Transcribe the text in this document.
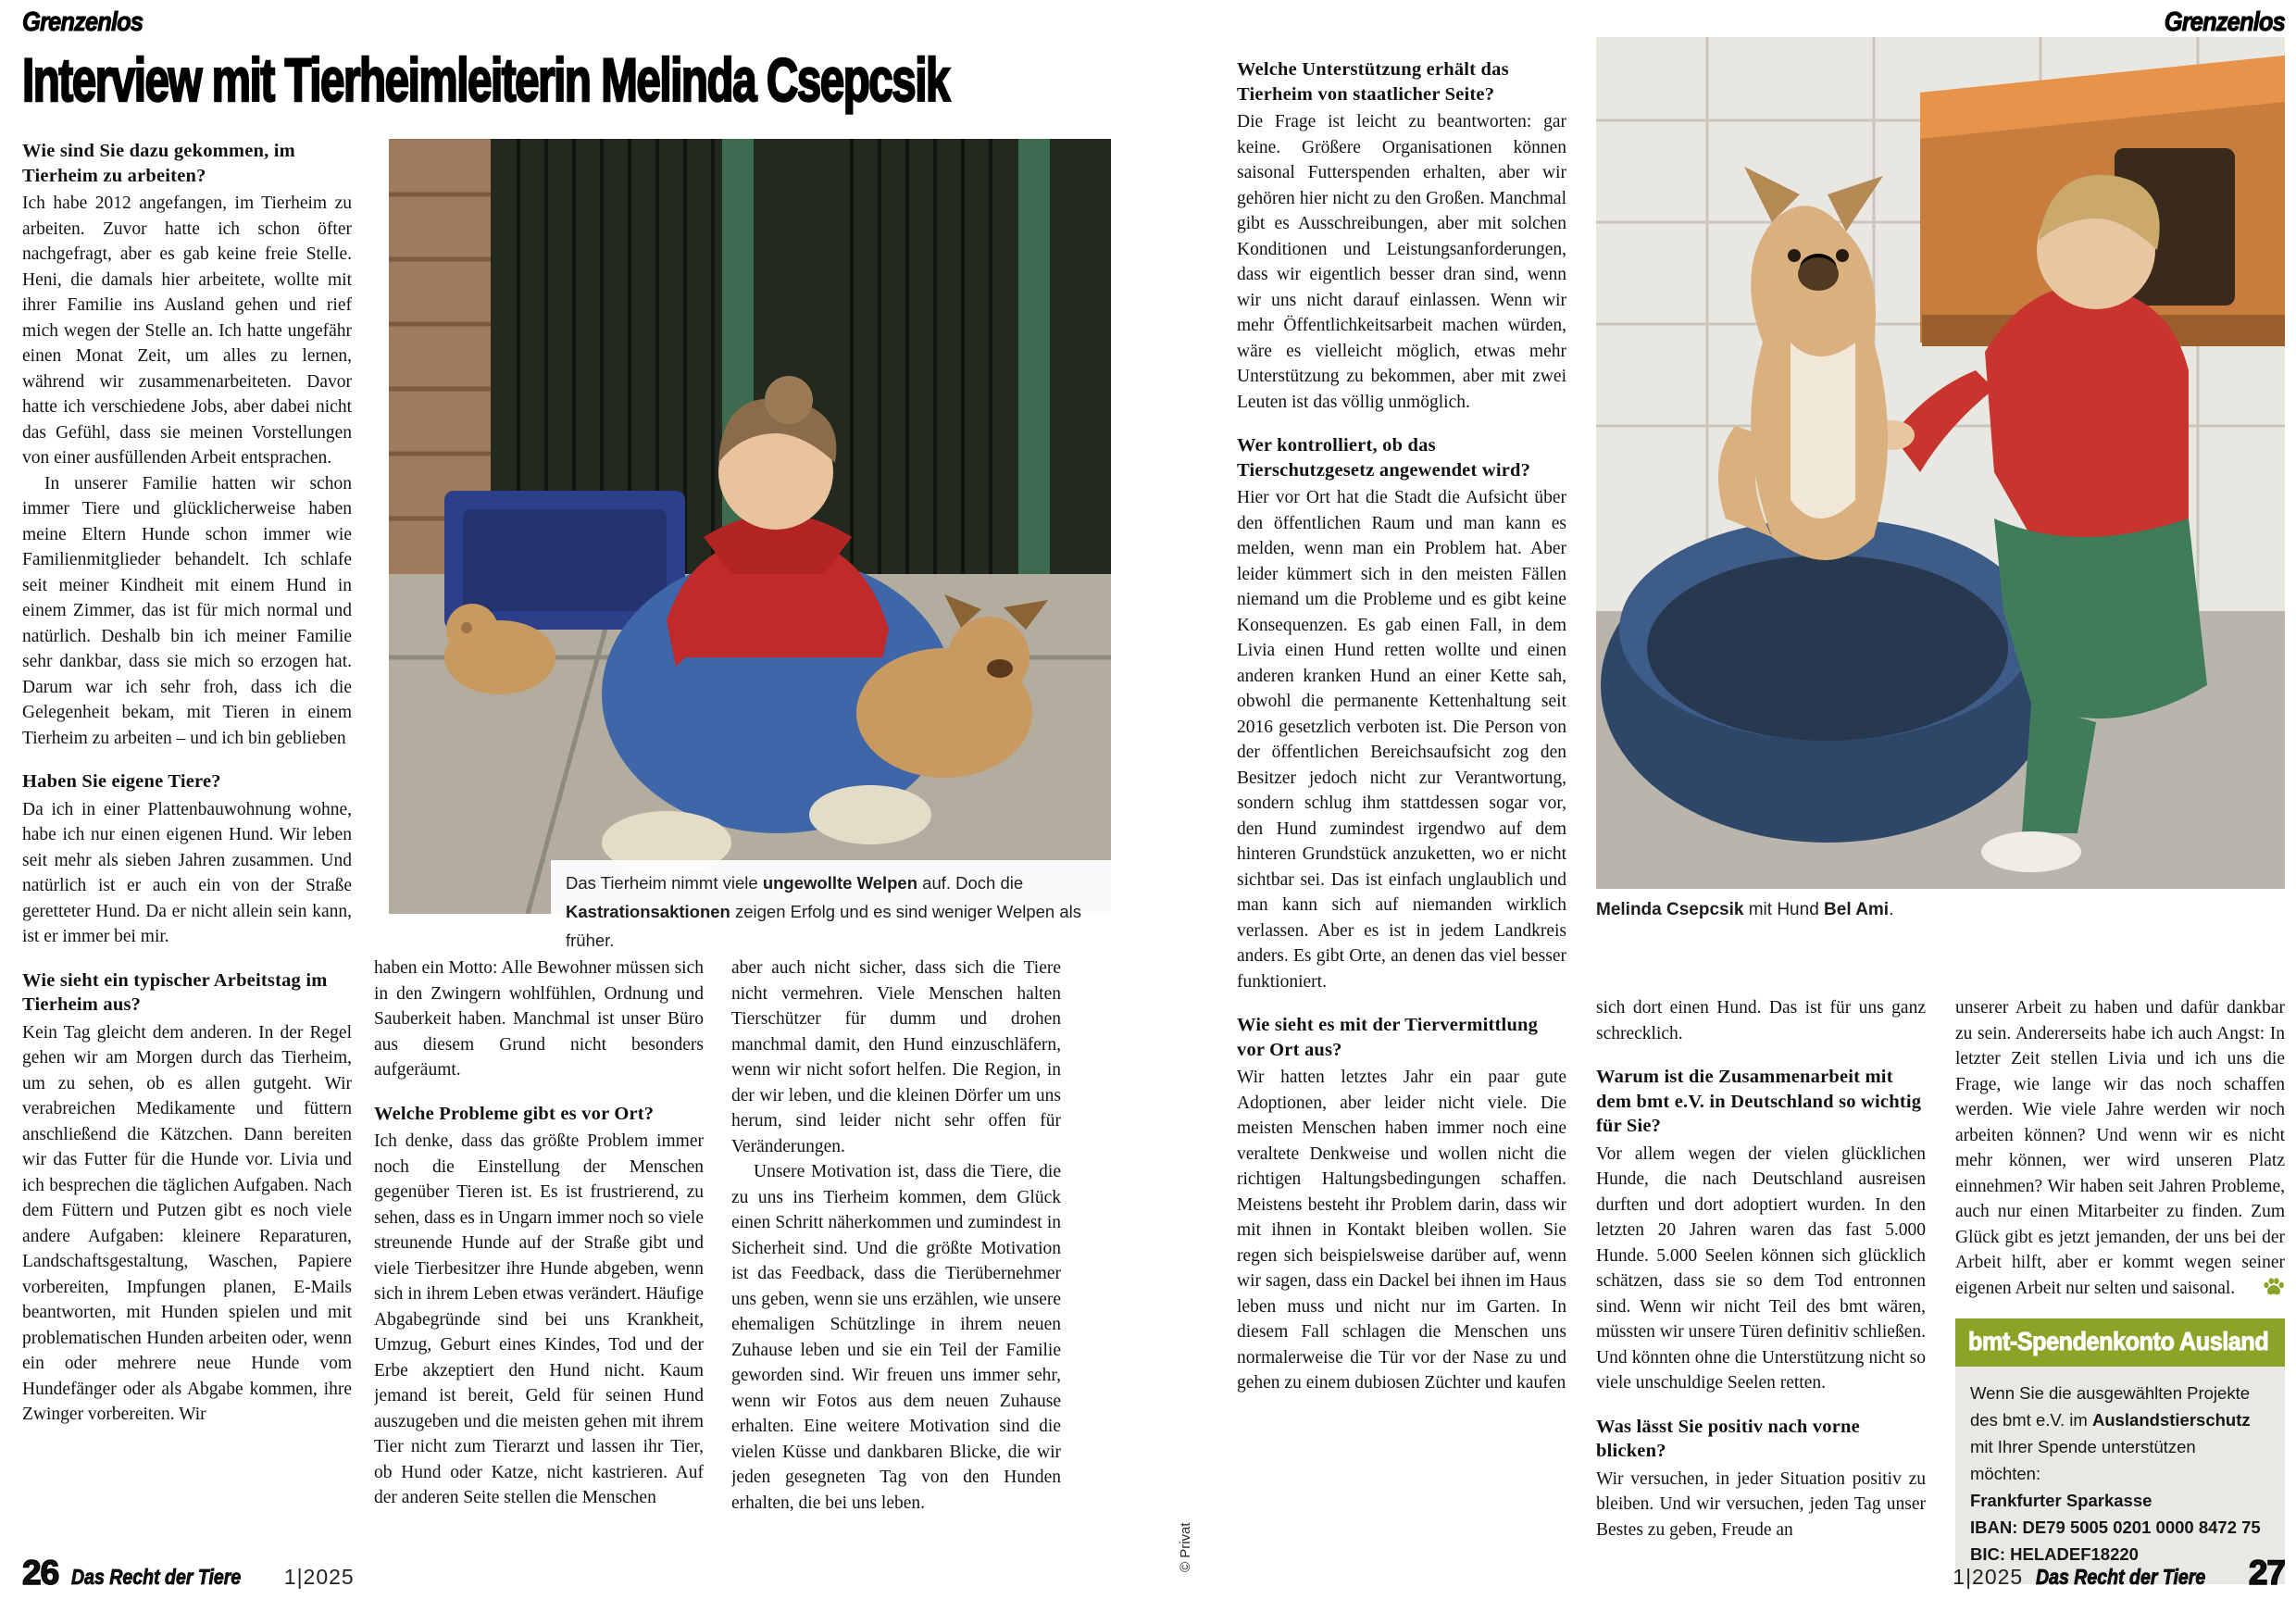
Grenzenlos	Grenzenlos
Interview mit Tierheimleiterin Melinda Csepcsik
Das Tierheim nimmt viele ungewollte Welpen auf. Doch die Kastrationsaktionen zeigen Erfolg und es sind weniger Welpen als früher.
Wie sind Sie dazu gekommen, im Tierheim zu arbeiten?
Ich habe 2012 angefangen, im Tierheim zu arbeiten. Zuvor hatte ich schon öfter nachgefragt, aber es gab keine freie Stelle. Heni, die damals hier arbeitete, wollte mit ihrer Familie ins Ausland gehen und rief mich wegen der Stelle an. Ich hatte ungefähr einen Monat Zeit, um alles zu lernen, während wir zusammenarbeiteten. Davor hatte ich verschiedene Jobs, aber dabei nicht das Gefühl, dass sie meinen Vorstellungen von einer ausfüllenden Arbeit entsprachen.
In unserer Familie hatten wir schon immer Tiere und glücklicherweise haben meine Eltern Hunde schon immer wie Familienmitglieder behandelt. Ich schlafe seit meiner Kindheit mit einem Hund in einem Zimmer, das ist für mich normal und natürlich. Deshalb bin ich meiner Familie sehr dankbar, dass sie mich so erzogen hat. Darum war ich sehr froh, dass ich die Gelegenheit bekam, mit Tieren in einem Tierheim zu arbeiten – und ich bin geblieben
Haben Sie eigene Tiere?
Da ich in einer Plattenbauwohnung wohne, habe ich nur einen eigenen Hund. Wir leben seit mehr als sieben Jahren zusammen. Und natürlich ist er auch ein von der Straße geretteter Hund. Da er nicht allein sein kann, ist er immer bei mir.
Wie sieht ein typischer Arbeitstag im Tierheim aus?
Kein Tag gleicht dem anderen. In der Regel gehen wir am Morgen durch das Tierheim, um zu sehen, ob es allen gutgeht. Wir verabreichen Medikamente und füttern anschließend die Kätzchen. Dann bereiten wir das Futter für die Hunde vor. Livia und ich besprechen die täglichen Aufgaben. Nach dem Füttern und Putzen gibt es noch viele andere Aufgaben: kleinere Reparaturen, Landschaftsgestaltung, Waschen, Papiere vorbereiten, Impfungen planen, E-Mails beantworten, mit Hunden spielen und mit problematischen Hunden arbeiten oder, wenn ein oder mehrere neue Hunde vom Hundefänger oder als Abgabe kommen, ihre Zwinger vorbereiten. Wir
haben ein Motto: Alle Bewohner müssen sich in den Zwingern wohlfühlen, Ordnung und Sauberkeit haben. Manchmal ist unser Büro aus diesem Grund nicht besonders aufgeräumt.
Welche Probleme gibt es vor Ort?
Ich denke, dass das größte Problem immer noch die Einstellung der Menschen gegenüber Tieren ist. Es ist frustrierend, zu sehen, dass es in Ungarn immer noch so viele streunende Hunde auf der Straße gibt und viele Tierbesitzer ihre Hunde abgeben, wenn sich in ihrem Leben etwas verändert. Häufige Abgabegründe sind bei uns Krankheit, Umzug, Geburt eines Kindes, Tod und der Erbe akzeptiert den Hund nicht. Kaum jemand ist bereit, Geld für seinen Hund auszugeben und die meisten gehen mit ihrem Tier nicht zum Tierarzt und lassen ihr Tier, ob Hund oder Katze, nicht kastrieren. Auf der anderen Seite stellen die Menschen
aber auch nicht sicher, dass sich die Tiere nicht vermehren. Viele Menschen halten Tierschützer für dumm und drohen manchmal damit, den Hund einzuschläfern, wenn wir nicht sofort helfen. Die Region, in der wir leben, und die kleinen Dörfer um uns herum, sind leider nicht sehr offen für Veränderungen.
Unsere Motivation ist, dass die Tiere, die zu uns ins Tierheim kommen, dem Glück einen Schritt näherkommen und zumindest in Sicherheit sind. Und die größte Motivation ist das Feedback, dass die Tierübernehmer uns geben, wenn sie uns erzählen, wie unsere ehemaligen Schützlinge in ihrem neuen Zuhause leben und sie ein Teil der Familie geworden sind. Wir freuen uns immer sehr, wenn wir Fotos aus dem neuen Zuhause erhalten. Eine weitere Motivation sind die vielen Küsse und dankbaren Blicke, die wir jeden gesegneten Tag von den Hunden erhalten, die bei uns leben.
Melinda Csepcsik mit Hund Bel Ami.
© Privat
Welche Unterstützung erhält das Tierheim von staatlicher Seite?
Die Frage ist leicht zu beantworten: gar keine. Größere Organisationen können saisonal Futterspenden erhalten, aber wir gehören hier nicht zu den Großen. Manchmal gibt es Ausschreibungen, aber mit solchen Konditionen und Leistungsanforderungen, dass wir eigentlich besser dran sind, wenn wir uns nicht darauf einlassen. Wenn wir mehr Öffentlichkeitsarbeit machen würden, wäre es vielleicht möglich, etwas mehr Unterstützung zu bekommen, aber mit zwei Leuten ist das völlig unmöglich.
Wer kontrolliert, ob das Tierschutzgesetz angewendet wird?
Hier vor Ort hat die Stadt die Aufsicht über den öffentlichen Raum und man kann es melden, wenn man ein Problem hat. Aber leider kümmert sich in den meisten Fällen niemand um die Probleme und es gibt keine Konsequenzen. Es gab einen Fall, in dem Livia einen Hund retten wollte und einen anderen kranken Hund an einer Kette sah, obwohl die permanente Kettenhaltung seit 2016 gesetzlich verboten ist. Die Person von der öffentlichen Bereichsaufsicht zog den Besitzer jedoch nicht zur Verantwortung, sondern schlug ihm stattdessen sogar vor, den Hund zumindest irgendwo auf dem hinteren Grundstück anzuketten, wo er nicht sichtbar sei. Das ist einfach unglaublich und man kann sich auf niemanden wirklich verlassen. Aber es ist in jedem Landkreis anders. Es gibt Orte, an denen das viel besser funktioniert.
Wie sieht es mit der Tiervermittlung vor Ort aus?
Wir hatten letztes Jahr ein paar gute Adoptionen, aber leider nicht viele. Die meisten Menschen haben immer noch eine veraltete Denkweise und wollen nicht die richtigen Haltungsbedingungen schaffen. Meistens besteht ihr Problem darin, dass wir mit ihnen in Kontakt bleiben wollen. Sie regen sich beispielsweise darüber auf, wenn wir sagen, dass ein Dackel bei ihnen im Haus leben muss und nicht nur im Garten. In diesem Fall schlagen die Menschen uns normalerweise die Tür vor der Nase zu und gehen zu einem dubiosen Züchter und kaufen
sich dort einen Hund. Das ist für uns ganz schrecklich.
Warum ist die Zusammenarbeit mit dem bmt e.V. in Deutschland so wichtig für Sie?
Vor allem wegen der vielen glücklichen Hunde, die nach Deutschland ausreisen durften und dort adoptiert wurden. In den letzten 20 Jahren waren das fast 5.000 Hunde. 5.000 Seelen können sich glücklich schätzen, dass sie so dem Tod entronnen sind. Wenn wir nicht Teil des bmt wären, müssten wir unsere Türen definitiv schließen. Und könnten ohne die Unterstützung nicht so viele unschuldige Seelen retten.
Was lässt Sie positiv nach vorne blicken?
Wir versuchen, in jeder Situation positiv zu bleiben. Und wir versuchen, jeden Tag unser Bestes zu geben, Freude an
unserer Arbeit zu haben und dafür dankbar zu sein. Andererseits habe ich auch Angst: In letzter Zeit stellen Livia und ich uns die Frage, wie lange wir das noch schaffen werden. Wie viele Jahre werden wir noch arbeiten können? Und wenn wir es nicht mehr können, wer wird unseren Platz einnehmen? Wir haben seit Jahren Probleme, auch nur einen Mitarbeiter zu finden. Zum Glück gibt es jetzt jemanden, der uns bei der Arbeit hilft, aber er kommt wegen seiner eigenen Arbeit nur selten und saisonal.
bmt-Spendenkonto Ausland

Wenn Sie die ausgewählten Projekte des bmt e.V. im Auslandstierschutz mit Ihrer Spende unterstützen möchten:

Frankfurter Sparkasse

IBAN: DE79 5005 0201 0000 8472 75

BIC: HELADEF18220

26 Das Recht der Tiere	1|2025	1|2025 Das Recht der Tiere	27
